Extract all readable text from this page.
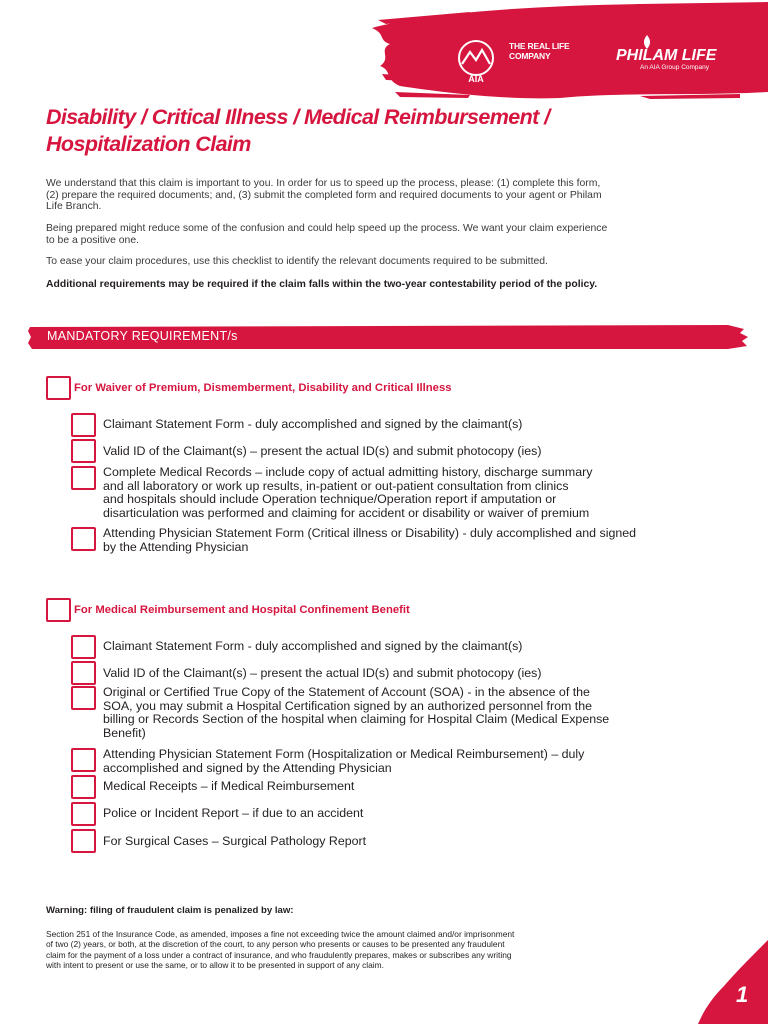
AIA
THE REAL LIFE
COMPANY	PHILAM LIFE
An AIA Group Company
Disability / Critical Illness / Medical Reimbursement /
Hospitalization Claim
We understand that this claim is important to you. In order for us to speed up the process, please: (1) complete this form,
(2) prepare the required documents; and, (3) submit the completed form and required documents to your agent or Philam
Life Branch.
Being prepared might reduce some of the confusion and could help speed up the process. We want your claim experience
to be a positive one.
To ease your claim procedures, use this checklist to identify the relevant documents required to be submitted.
Additional requirements may be required if the claim falls within the two-year contestability period of the policy.
MANDATORY REQUIREMENT/s
For Waiver of Premium, Dismemberment, Disability and Critical Illness
Claimant Statement Form - duly accomplished and signed by the claimant(s)
Valid ID of the Claimant(s) – present the actual ID(s) and submit photocopy (ies)
Complete Medical Records – include copy of actual admitting history, discharge summary
and all laboratory or work up results, in-patient or out-patient consultation from clinics
and hospitals should include Operation technique/Operation report if amputation or
disarticulation was performed and claiming for accident or disability or waiver of premium
Attending Physician Statement Form (Critical illness or Disability) - duly accomplished and signed
by the Attending Physician
For Medical Reimbursement and Hospital Confinement Benefit
Claimant Statement Form - duly accomplished and signed by the claimant(s)
Valid ID of the Claimant(s) – present the actual ID(s) and submit photocopy (ies)
Original or Certified True Copy of the Statement of Account (SOA) - in the absence of the
SOA, you may submit a Hospital Certification signed by an authorized personnel from the
billing or Records Section of the hospital when claiming for Hospital Claim (Medical Expense
Benefit)
Attending Physician Statement Form (Hospitalization or Medical Reimbursement) – duly
accomplished and signed by the Attending Physician
Medical Receipts – if Medical Reimbursement
Police or Incident Report – if due to an accident
For Surgical Cases – Surgical Pathology Report
Warning: filing of fraudulent claim is penalized by law:
Section 251 of the Insurance Code, as amended, imposes a fine not exceeding twice the amount claimed and/or imprisonment
of two (2) years, or both, at the discretion of the court, to any person who presents or causes to be presented any fraudulent
claim for the payment of a loss under a contract of insurance, and who fraudulently prepares, makes or subscribes any writing
with intent to present or use the same, or to allow it to be presented in support of any claim.
1
